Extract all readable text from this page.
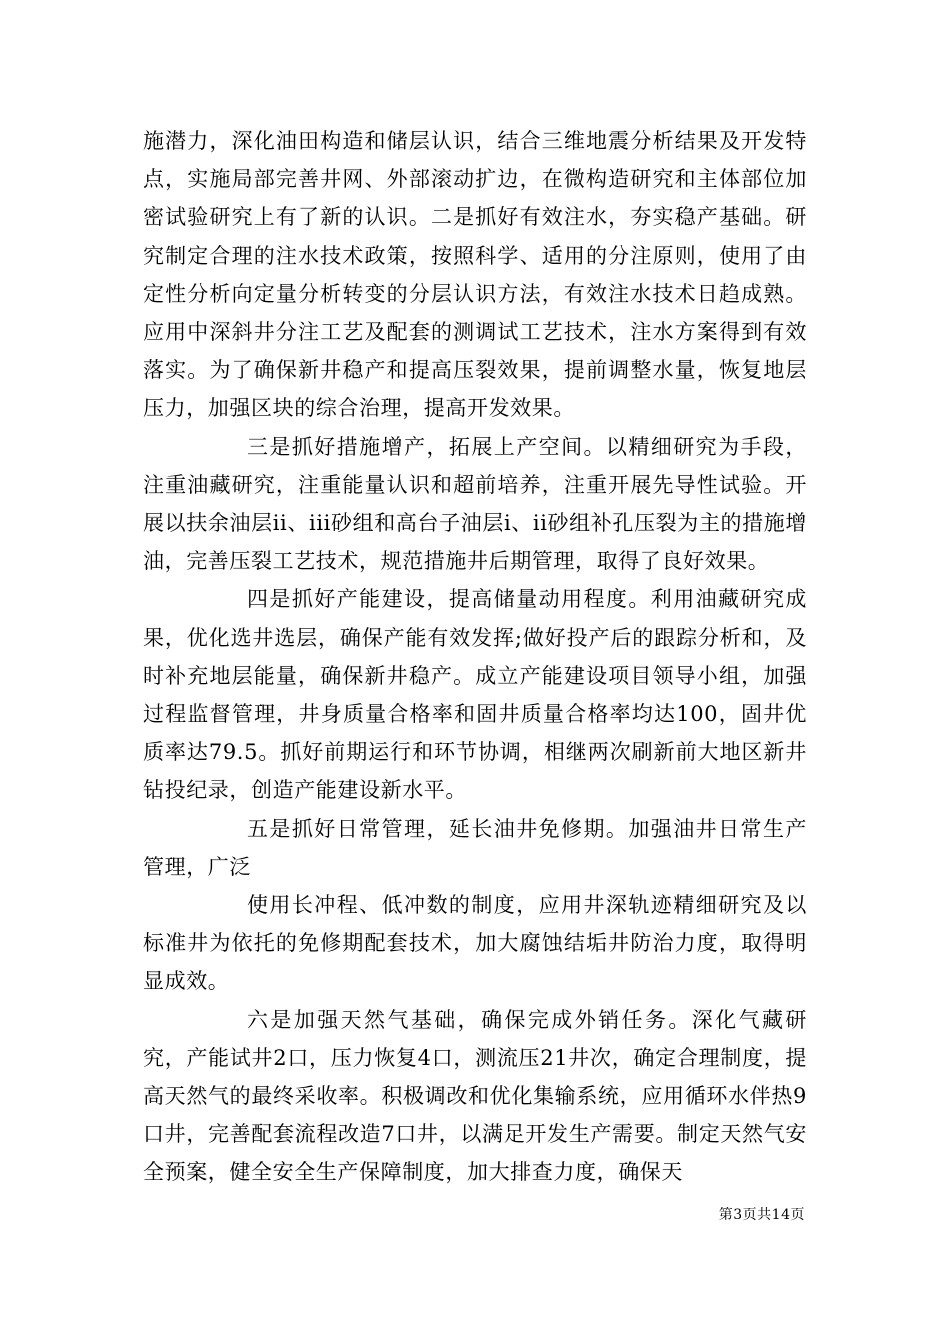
施潜力，深化油田构造和储层认识，结合三维地震分析结果及开发特点，实施局部完善井网、外部滚动扩边，在微构造研究和主体部位加密试验研究上有了新的认识。二是抓好有效注水，夯实稳产基础。研究制定合理的注水技术政策，按照科学、适用的分注原则，使用了由定性分析向定量分析转变的分层认识方法，有效注水技术日趋成熟。应用中深斜井分注工艺及配套的测调试工艺技术，注水方案得到有效落实。为了确保新井稳产和提高压裂效果，提前调整水量，恢复地层压力，加强区块的综合治理，提高开发效果。

三是抓好措施增产，拓展上产空间。以精细研究为手段，注重油藏研究，注重能量认识和超前培养，注重开展先导性试验。开展以扶余油层ii、iii砂组和高台子油层i、ii砂组补孔压裂为主的措施增油，完善压裂工艺技术，规范措施井后期管理，取得了良好效果。

四是抓好产能建设，提高储量动用程度。利用油藏研究成果，优化选井选层，确保产能有效发挥;做好投产后的跟踪分析和，及时补充地层能量，确保新井稳产。成立产能建设项目领导小组，加强过程监督管理，井身质量合格率和固井质量合格率均达100，固井优质率达79.5。抓好前期运行和环节协调，相继两次刷新前大地区新井钻投纪录，创造产能建设新水平。

五是抓好日常管理，延长油井免修期。加强油井日常生产管理，广泛

使用长冲程、低冲数的制度，应用井深轨迹精细研究及以标准井为依托的免修期配套技术，加大腐蚀结垢井防治力度，取得明显成效。

六是加强天然气基础，确保完成外销任务。深化气藏研究，产能试井2口，压力恢复4口，测流压21井次，确定合理制度，提高天然气的最终采收率。积极调改和优化集输系统，应用循环水伴热9口井，完善配套流程改造7口井，以满足开发生产需要。制定天然气安全预案，健全安全生产保障制度，加大排查力度，确保天

第3页共14页
